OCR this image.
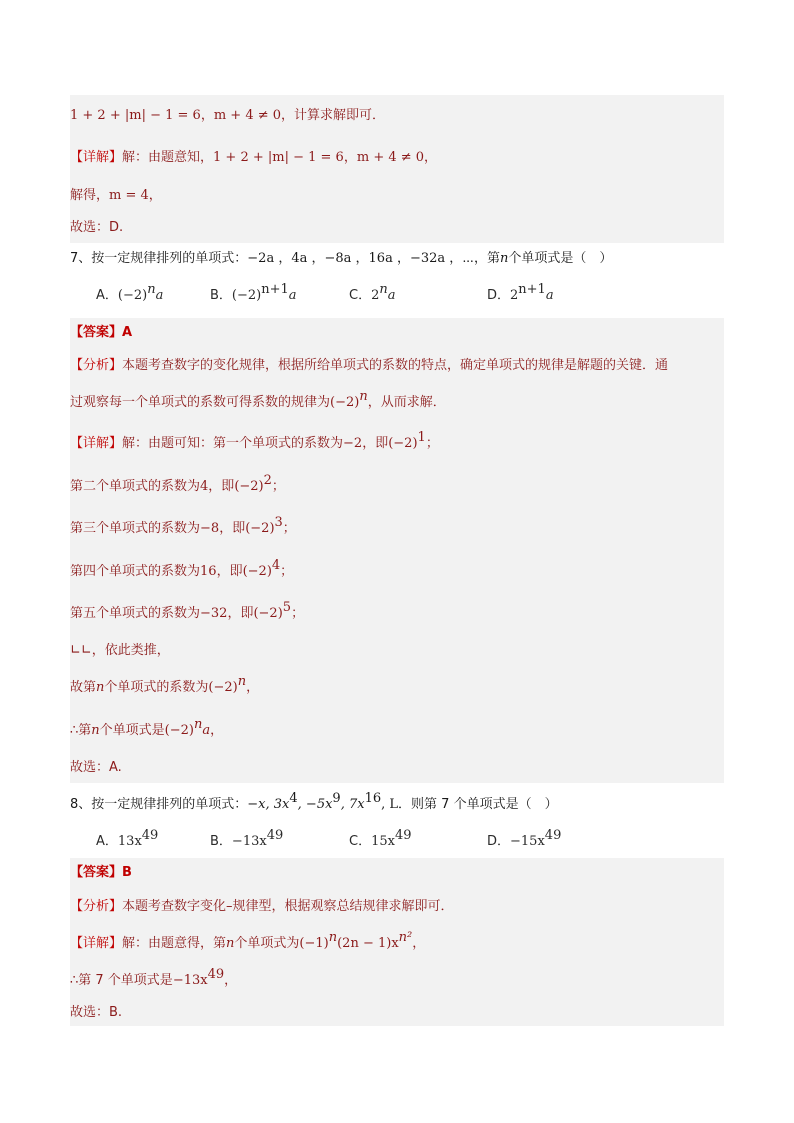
1 + 2 + |m| − 1 = 6，m + 4 ≠ 0，计算求解即可．
【详解】解：由题意知，1 + 2 + |m| − 1 = 6，m + 4 ≠ 0，
解得，m = 4，
故选：D.
7、按一定规律排列的单项式：−2a ，4a ，−8a ，16a ，−32a ，⋯，第n个单项式是（　）
A．$(-2)^na$	B．$(-2)^{n+1}a$	C．2$^n$a	D．$2^{n+1}a$
【答案】A
【分析】本题考查数字的变化规律，根据所给单项式的系数的特点，确定单项式的规律是解题的关键．通
过观察每一个单项式的系数可得系数的规律为$(-2)^n$，从而求解．
【详解】解：由题可知：第一个单项式的系数为−2，即$(-2)^1$；
第二个单项式的系数为4，即$(-2)^2$；
第三个单项式的系数为−8，即$(-2)^3$；
第四个单项式的系数为16，即$(-2)^4$；
第五个单项式的系数为−32，即$(-2)^5$；
∟∟，依此类推，
故第n个单项式的系数为$(-2)^n$，
∴第n个单项式是$(-2)^na$，
故选：A.
8、按一定规律排列的单项式：−x, $3x^4$, $-5x^9$, $7x^{16}$, L．则第 7 个单项式是（　）
A．$13x^{49}$	B．$-13x^{49}$	C．$15x^{49}$	D．$-15x^{49}$
【答案】B
【分析】本题考查数字变化–规律型，根据观察总结规律求解即可．
【详解】解：由题意得，第n个单项式为$(-1)^n(2n - 1)x^{n^2}$，
∴第 7 个单项式是$-13x^{49}$，
故选：B.
